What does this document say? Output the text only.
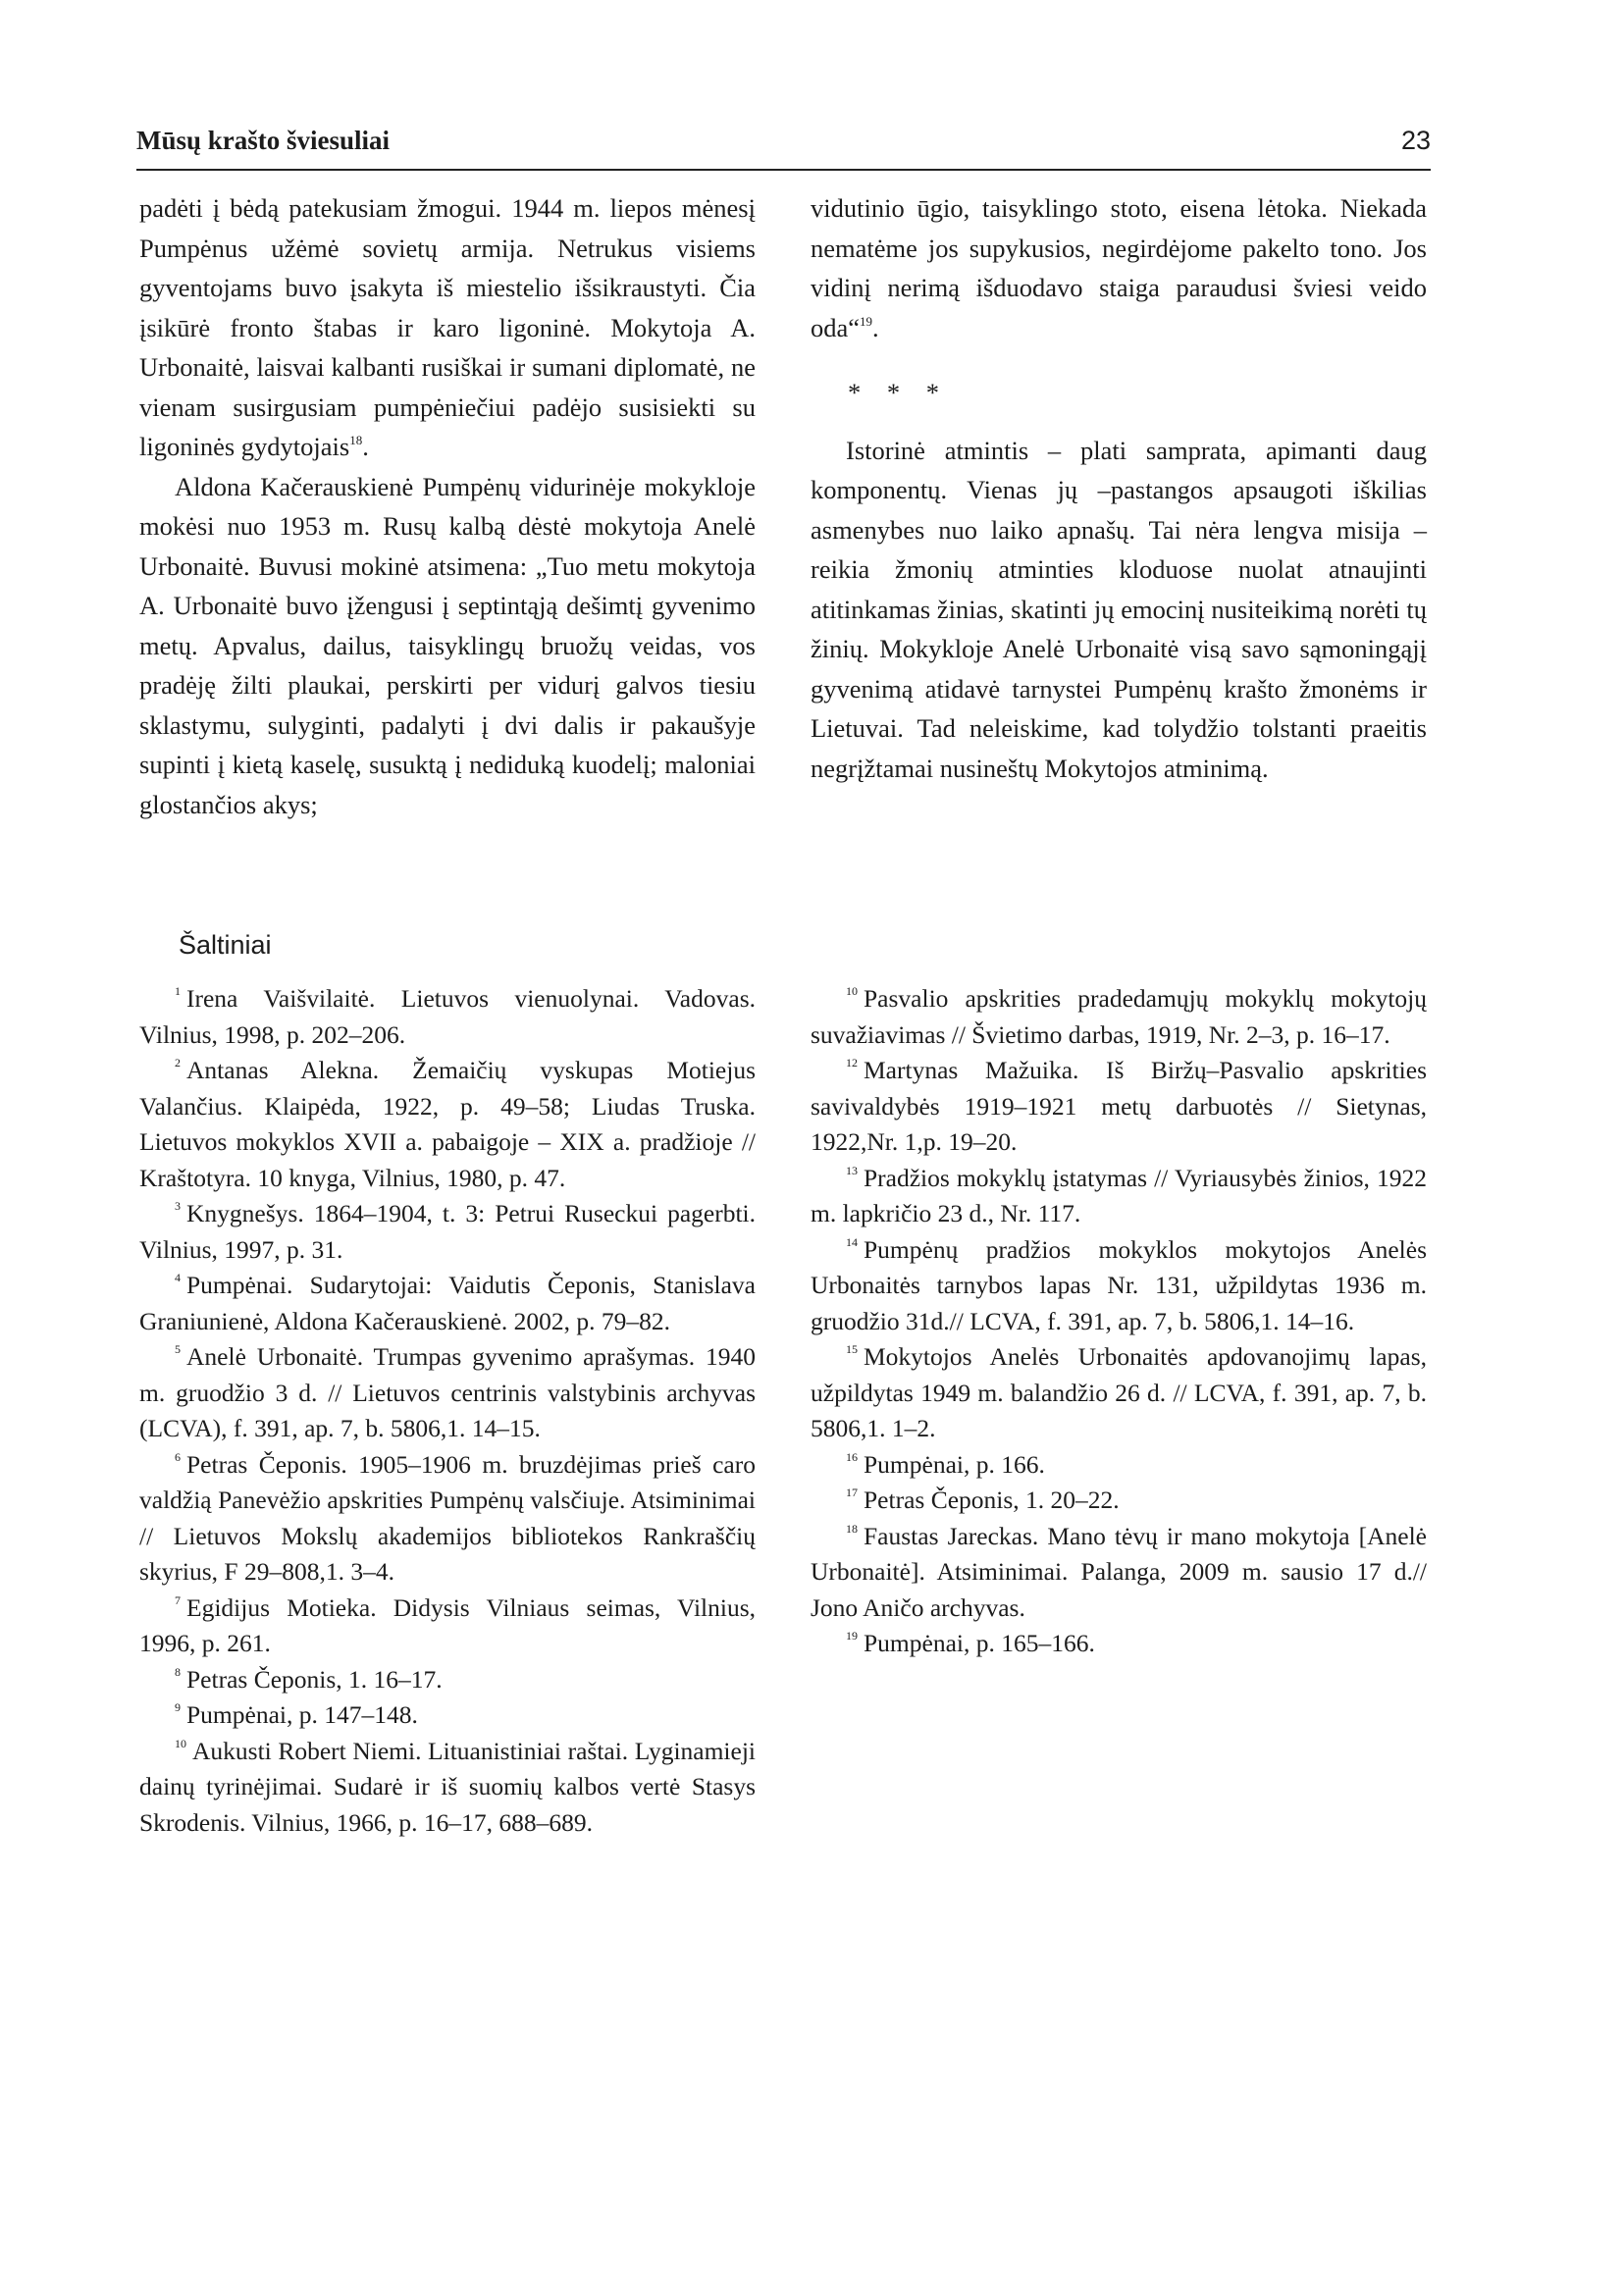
Mūsų krašto šviesuliai	23

padėti į bėdą patekusiam žmogui. 1944 m. liepos mėnesį Pumpėnus užėmė sovietų armija. Netrukus visiems gyventojams buvo įsakyta iš miestelio išsikraustyti. Čia įsikūrė fronto štabas ir karo ligoninė. Mokytoja A. Urbonaitė, laisvai kalbanti rusiškai ir sumani diplomatė, ne vienam susirgusiam pumpėniečiui padėjo susisiekti su ligoninės gydytojais$^{18}$.

Aldona Kačerauskienė Pumpėnų vidurinėje mokykloje mokėsi nuo 1953 m. Rusų kalbą dėstė mokytoja Anelė Urbonaitė. Buvusi mokinė atsimena: „Tuo metu mokytoja A. Urbonaitė buvo įžengusi į septintąją dešimtį gyvenimo metų. Apvalus, dailus, taisyklingų bruožų veidas, vos pradėję žilti plaukai, perskirti per vidurį galvos tiesiu sklastymu, sulyginti, padalyti į dvi dalis ir pakaušyje supinti į kietą kaselę, susuktą į nediduką kuodelį; maloniai glostančios akys;

vidutinio ūgio, taisyklingo stoto, eisena lėtoka. Niekada nematėme jos supykusios, negirdėjome pakelto tono. Jos vidinį nerimą išduodavo staiga paraudusi šviesi veido oda“$^{19}$.

* * *

Istorinė atmintis – plati samprata, apimanti daug komponentų. Vienas jų –pastangos apsaugoti iškilias asmenybes nuo laiko apnašų. Tai nėra lengva misija – reikia žmonių atminties kloduose nuolat atnaujinti atitinkamas žinias, skatinti jų emocinį nusiteikimą norėti tų žinių. Mokykloje Anelė Urbonaitė visą savo sąmoningąjį gyvenimą atidavė tarnystei Pumpėnų krašto žmonėms ir Lietuvai. Tad neleiskime, kad tolydžio tolstanti praeitis negrįžtamai nusineštų Mokytojos atminimą.

Šaltiniai

$^1$ Irena Vaišvilaitė. Lietuvos vienuolynai. Vadovas. Vilnius, 1998, p. 202–206.

$^2$ Antanas Alekna. Žemaičių vyskupas Motiejus Valančius. Klaipėda, 1922, p. 49–58; Liudas Truska. Lietuvos mokyklos XVII a. pabaigoje – XIX a. pradžioje // Kraštotyra. 10 knyga, Vilnius, 1980, p. 47.

$^3$ Knygnešys. 1864–1904, t. 3: Petrui Ruseckui pagerbti. Vilnius, 1997, p. 31.

$^4$ Pumpėnai. Sudarytojai: Vaidutis Čeponis, Stanislava Graniunienė, Aldona Kačerauskienė. 2002, p. 79–82.

$^5$ Anelė Urbonaitė. Trumpas gyvenimo aprašymas. 1940 m. gruodžio 3 d. // Lietuvos centrinis valstybinis archyvas (LCVA), f. 391, ap. 7, b. 5806,1. 14–15.

$^6$ Petras Čeponis. 1905–1906 m. bruzdėjimas prieš caro valdžią Panevėžio apskrities Pumpėnų valsčiuje. Atsiminimai // Lietuvos Mokslų akademijos bibliotekos Rankraščių skyrius, F 29–808,1. 3–4.

$^7$ Egidijus Motieka. Didysis Vilniaus seimas, Vilnius, 1996, p. 261.

$^8$ Petras Čeponis, 1. 16–17.

$^9$ Pumpėnai, p. 147–148.

$^{10}$ Aukusti Robert Niemi. Lituanistiniai raštai. Lyginamieji dainų tyrinėjimai. Sudarė ir iš suomių kalbos vertė Stasys Skrodenis. Vilnius, 1966, p. 16–17, 688–689.

$^{10}$ Pasvalio apskrities pradedamųjų mokyklų mokytojų suvažiavimas // Švietimo darbas, 1919, Nr. 2–3, p. 16–17.

$^{12}$ Martynas Mažuika. Iš Biržų–Pasvalio apskrities savivaldybės 1919–1921 metų darbuotės // Sietynas, 1922,Nr. 1,p. 19–20.

$^{13}$ Pradžios mokyklų įstatymas // Vyriausybės žinios, 1922 m. lapkričio 23 d., Nr. 117.

$^{14}$ Pumpėnų pradžios mokyklos mokytojos Anelės Urbonaitės tarnybos lapas Nr. 131, užpildytas 1936 m. gruodžio 31d.// LCVA, f. 391, ap. 7, b. 5806,1. 14–16.

$^{15}$ Mokytojos Anelės Urbonaitės apdovanojimų lapas, užpildytas 1949 m. balandžio 26 d. // LCVA, f. 391, ap. 7, b. 5806,1. 1–2.

$^{16}$ Pumpėnai, p. 166.

$^{17}$ Petras Čeponis, 1. 20–22.

$^{18}$ Faustas Jareckas. Mano tėvų ir mano mokytoja [Anelė Urbonaitė]. Atsiminimai. Palanga, 2009 m. sausio 17 d.// Jono Aničo archyvas.

$^{19}$ Pumpėnai, p. 165–166.
